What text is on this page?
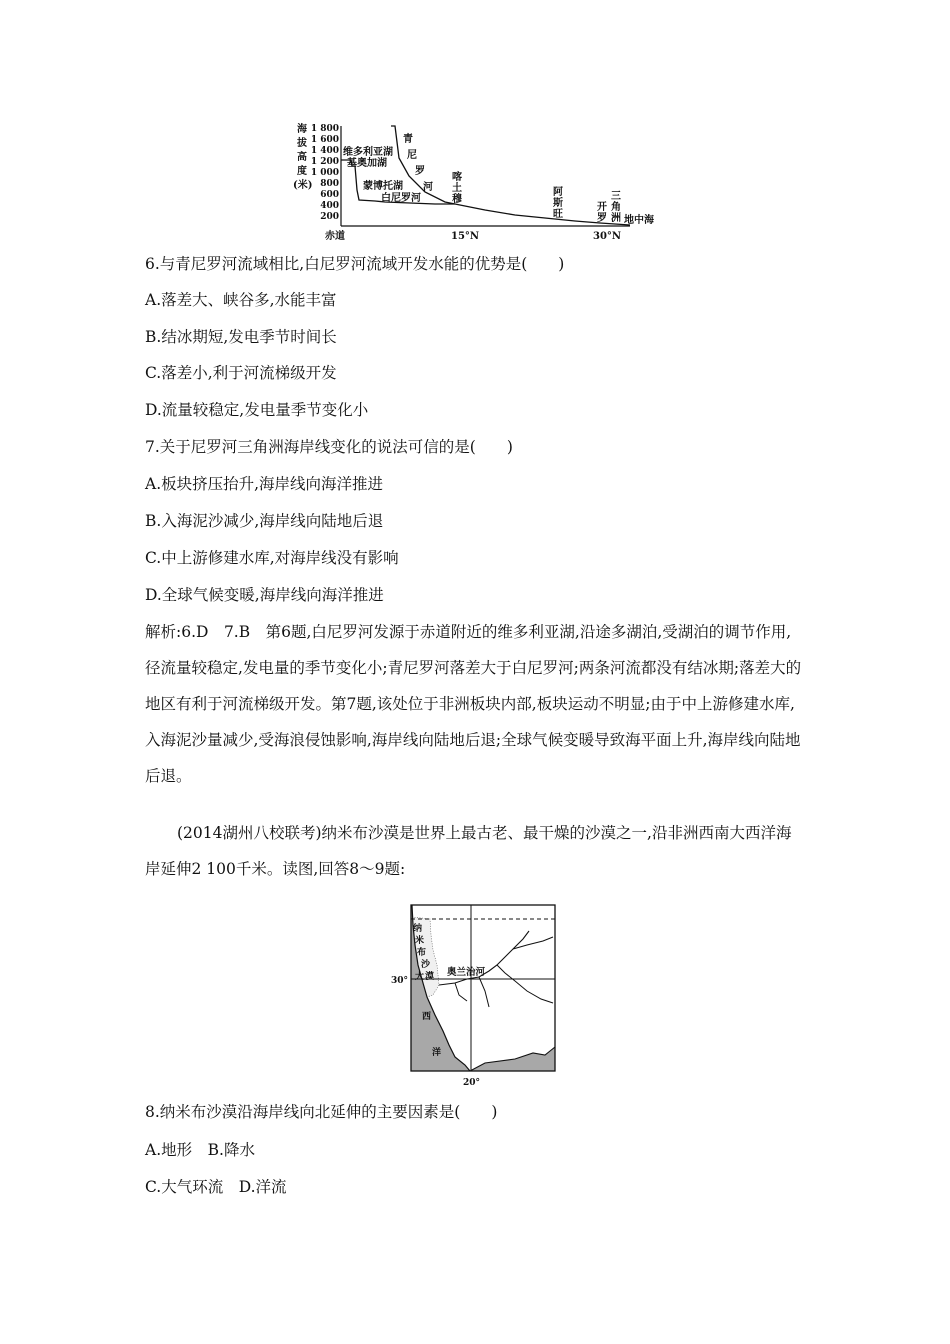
海
拔
高
度
(米)
1 800
1 600
1 400
1 200
1 000
800
600
400
200
维多利亚湖
基奥加湖
蒙博托湖
白尼罗河
青
尼
罗
河
喀
土
穆
阿
斯
旺
开
罗
三
角
洲 地中海
赤道	15°N	30°N
6.与青尼罗河流域相比,白尼罗河流域开发水能的优势是(　　)
A.落差大、峡谷多,水能丰富
B.结冰期短,发电季节时间长
C.落差小,利于河流梯级开发
D.流量较稳定,发电量季节变化小
7.关于尼罗河三角洲海岸线变化的说法可信的是(　　)
A.板块挤压抬升,海岸线向海洋推进
B.入海泥沙减少,海岸线向陆地后退
C.中上游修建水库,对海岸线没有影响
D.全球气候变暖,海岸线向海洋推进
解析:6.D　7.B　第6题,白尼罗河发源于赤道附近的维多利亚湖,沿途多湖泊,受湖泊的调节作用,径流量较稳定,发电量的季节变化小;青尼罗河落差大于白尼罗河;两条河流都没有结冰期;落差大的地区有利于河流梯级开发。第7题,该处位于非洲板块内部,板块运动不明显;由于中上游修建水库,入海泥沙量减少,受海浪侵蚀影响,海岸线向陆地后退;全球气候变暖导致海平面上升,海岸线向陆地后退。
(2014湖州八校联考)纳米布沙漠是世界上最古老、最干燥的沙漠之一,沿非洲西南大西洋海岸延伸2 100千米。读图,回答8～9题:
纳
米
布
沙
漠
大
西
洋
奥兰治河
30°
20°
8.纳米布沙漠沿海岸线向北延伸的主要因素是(　　)
A.地形　B.降水
C.大气环流　D.洋流
